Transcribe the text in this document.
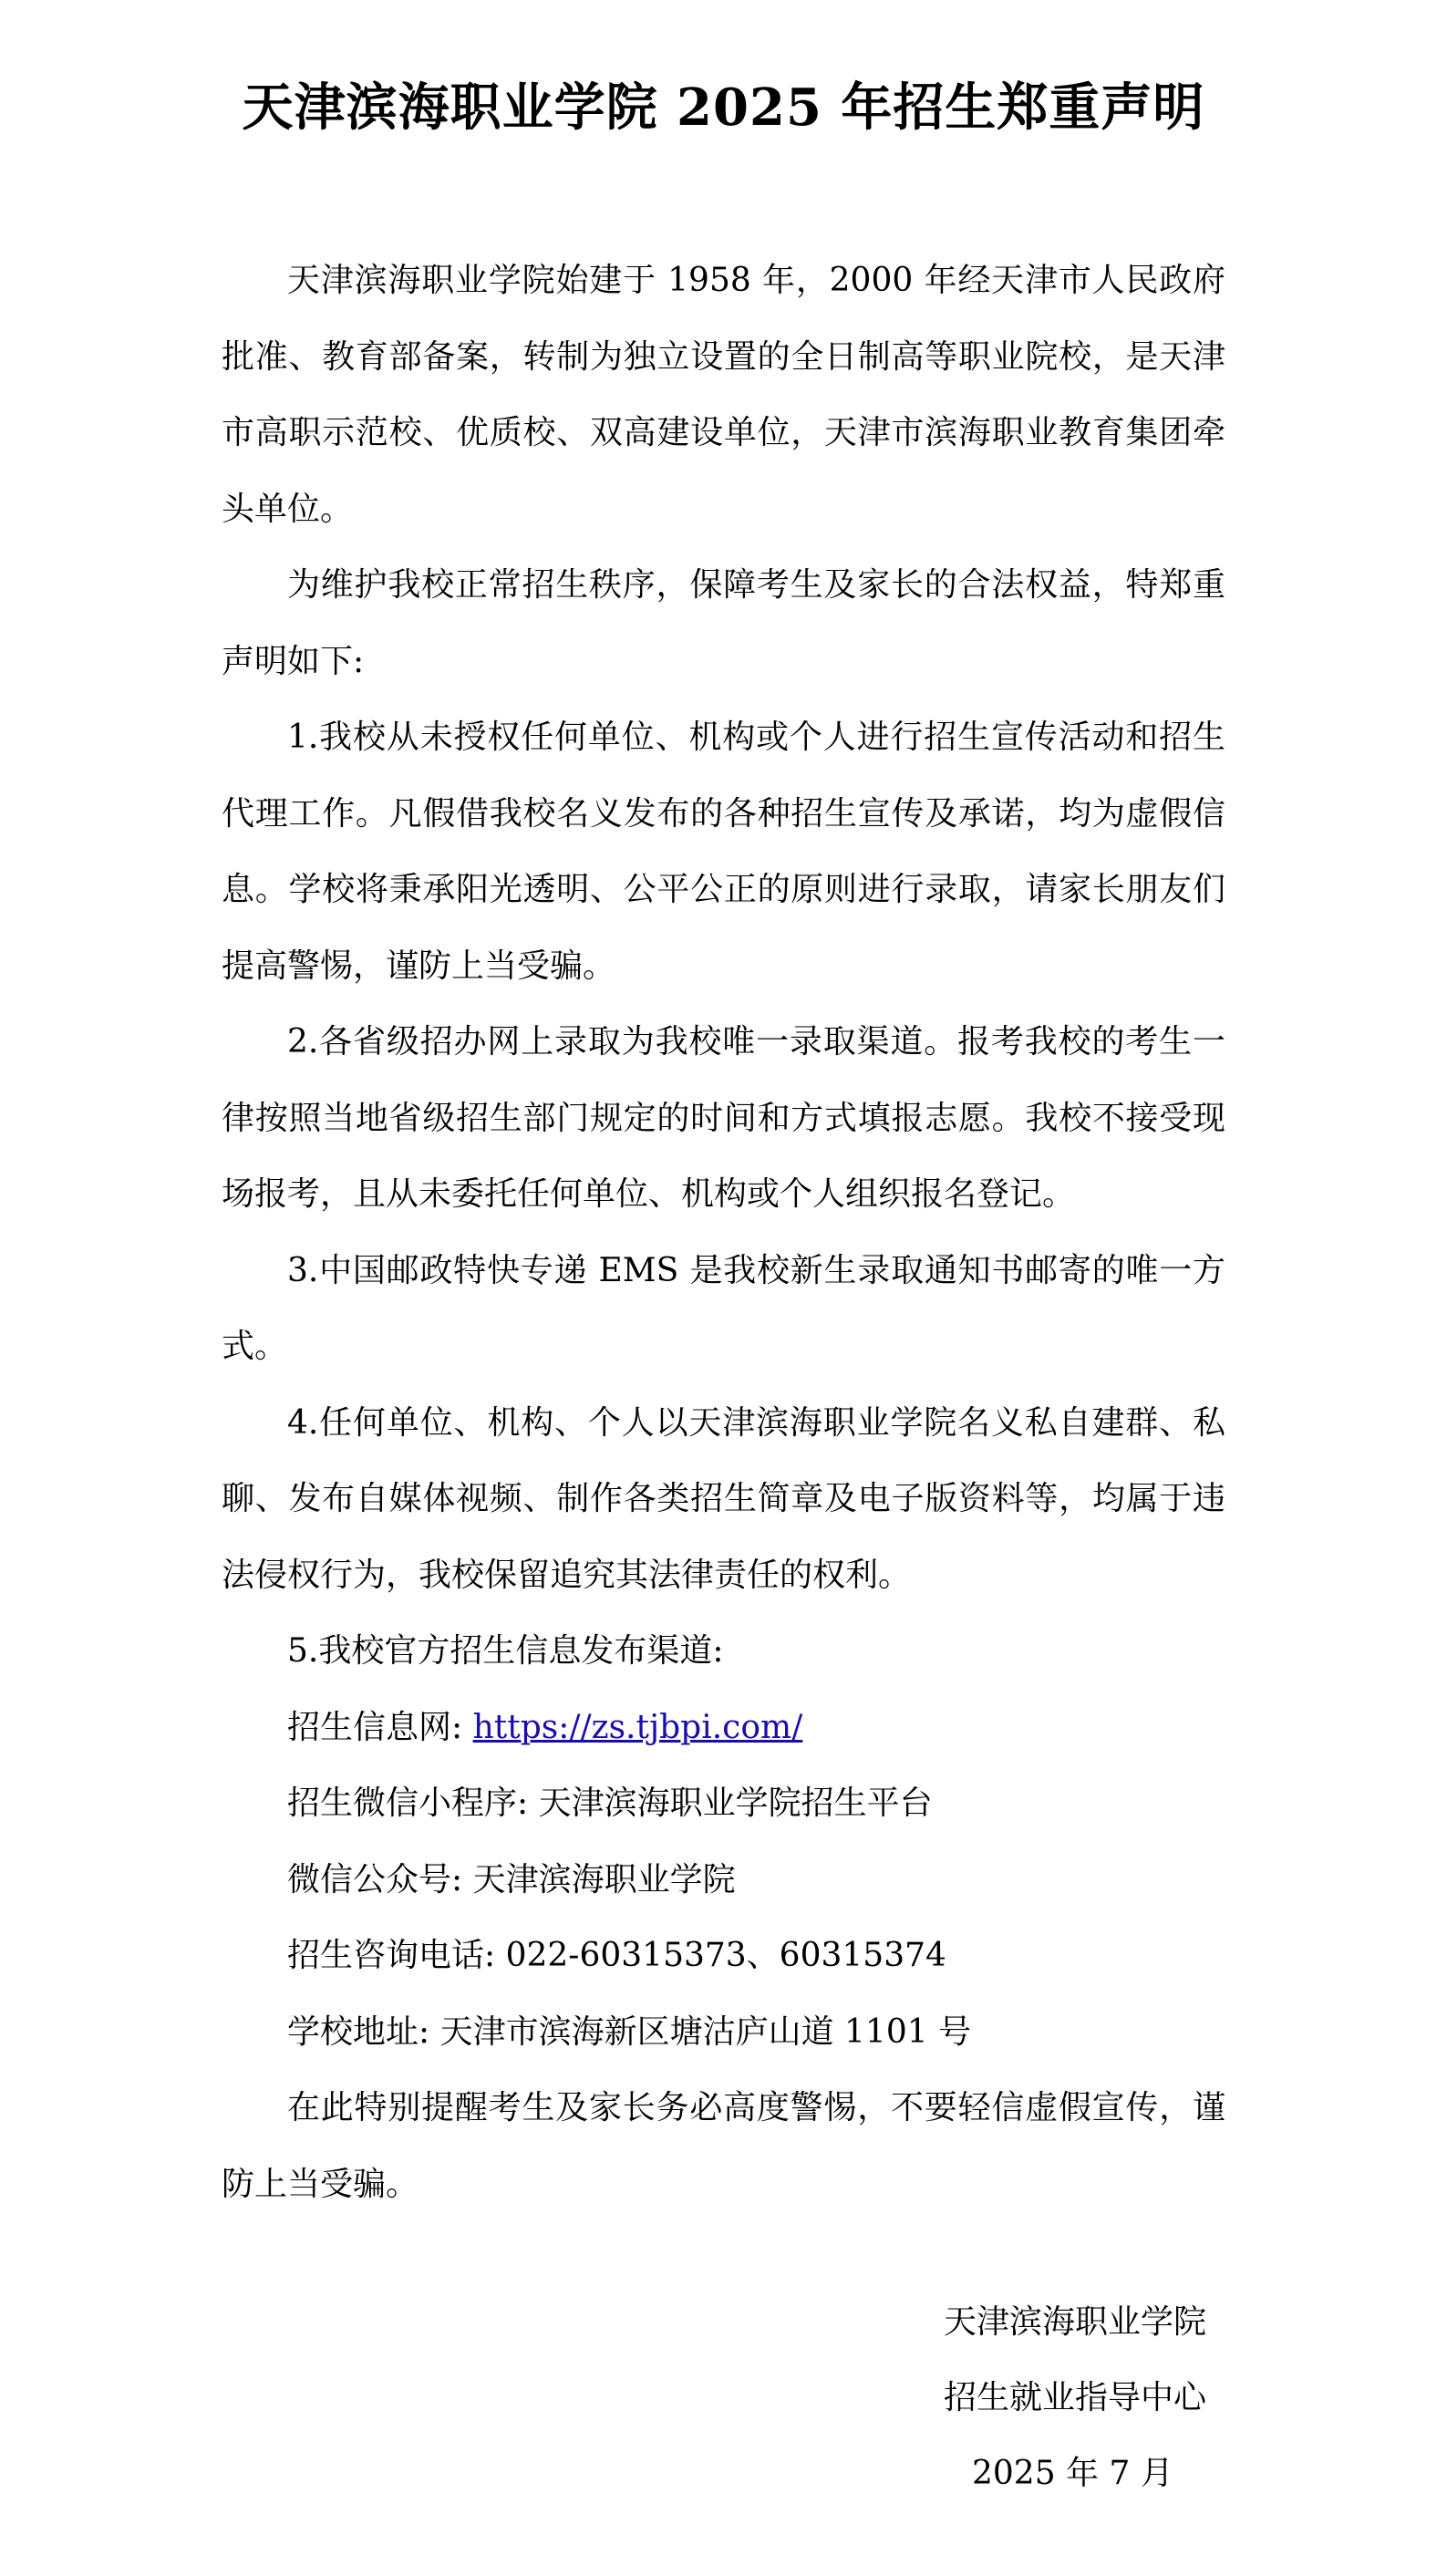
天津滨海职业学院 2025 年招生郑重声明

天津滨海职业学院始建于 1958 年，2000 年经天津市人民政府批准、教育部备案，转制为独立设置的全日制高等职业院校，是天津市高职示范校、优质校、双高建设单位，天津市滨海职业教育集团牵头单位。

为维护我校正常招生秩序，保障考生及家长的合法权益，特郑重声明如下:

1.我校从未授权任何单位、机构或个人进行招生宣传活动和招生代理工作。凡假借我校名义发布的各种招生宣传及承诺，均为虚假信息。学校将秉承阳光透明、公平公正的原则进行录取，请家长朋友们提高警惕，谨防上当受骗。

2.各省级招办网上录取为我校唯一录取渠道。报考我校的考生一律按照当地省级招生部门规定的时间和方式填报志愿。我校不接受现场报考，且从未委托任何单位、机构或个人组织报名登记。

3.中国邮政特快专递 EMS 是我校新生录取通知书邮寄的唯一方式。

4.任何单位、机构、个人以天津滨海职业学院名义私自建群、私聊、发布自媒体视频、制作各类招生简章及电子版资料等，均属于违法侵权行为，我校保留追究其法律责任的权利。

5.我校官方招生信息发布渠道:

招生信息网: https://zs.tjbpi.com/

招生微信小程序: 天津滨海职业学院招生平台

微信公众号: 天津滨海职业学院

招生咨询电话: 022-60315373、60315374

学校地址: 天津市滨海新区塘沽庐山道 1101 号

在此特别提醒考生及家长务必高度警惕，不要轻信虚假宣传，谨防上当受骗。

天津滨海职业学院
招生就业指导中心
2025 年 7 月
